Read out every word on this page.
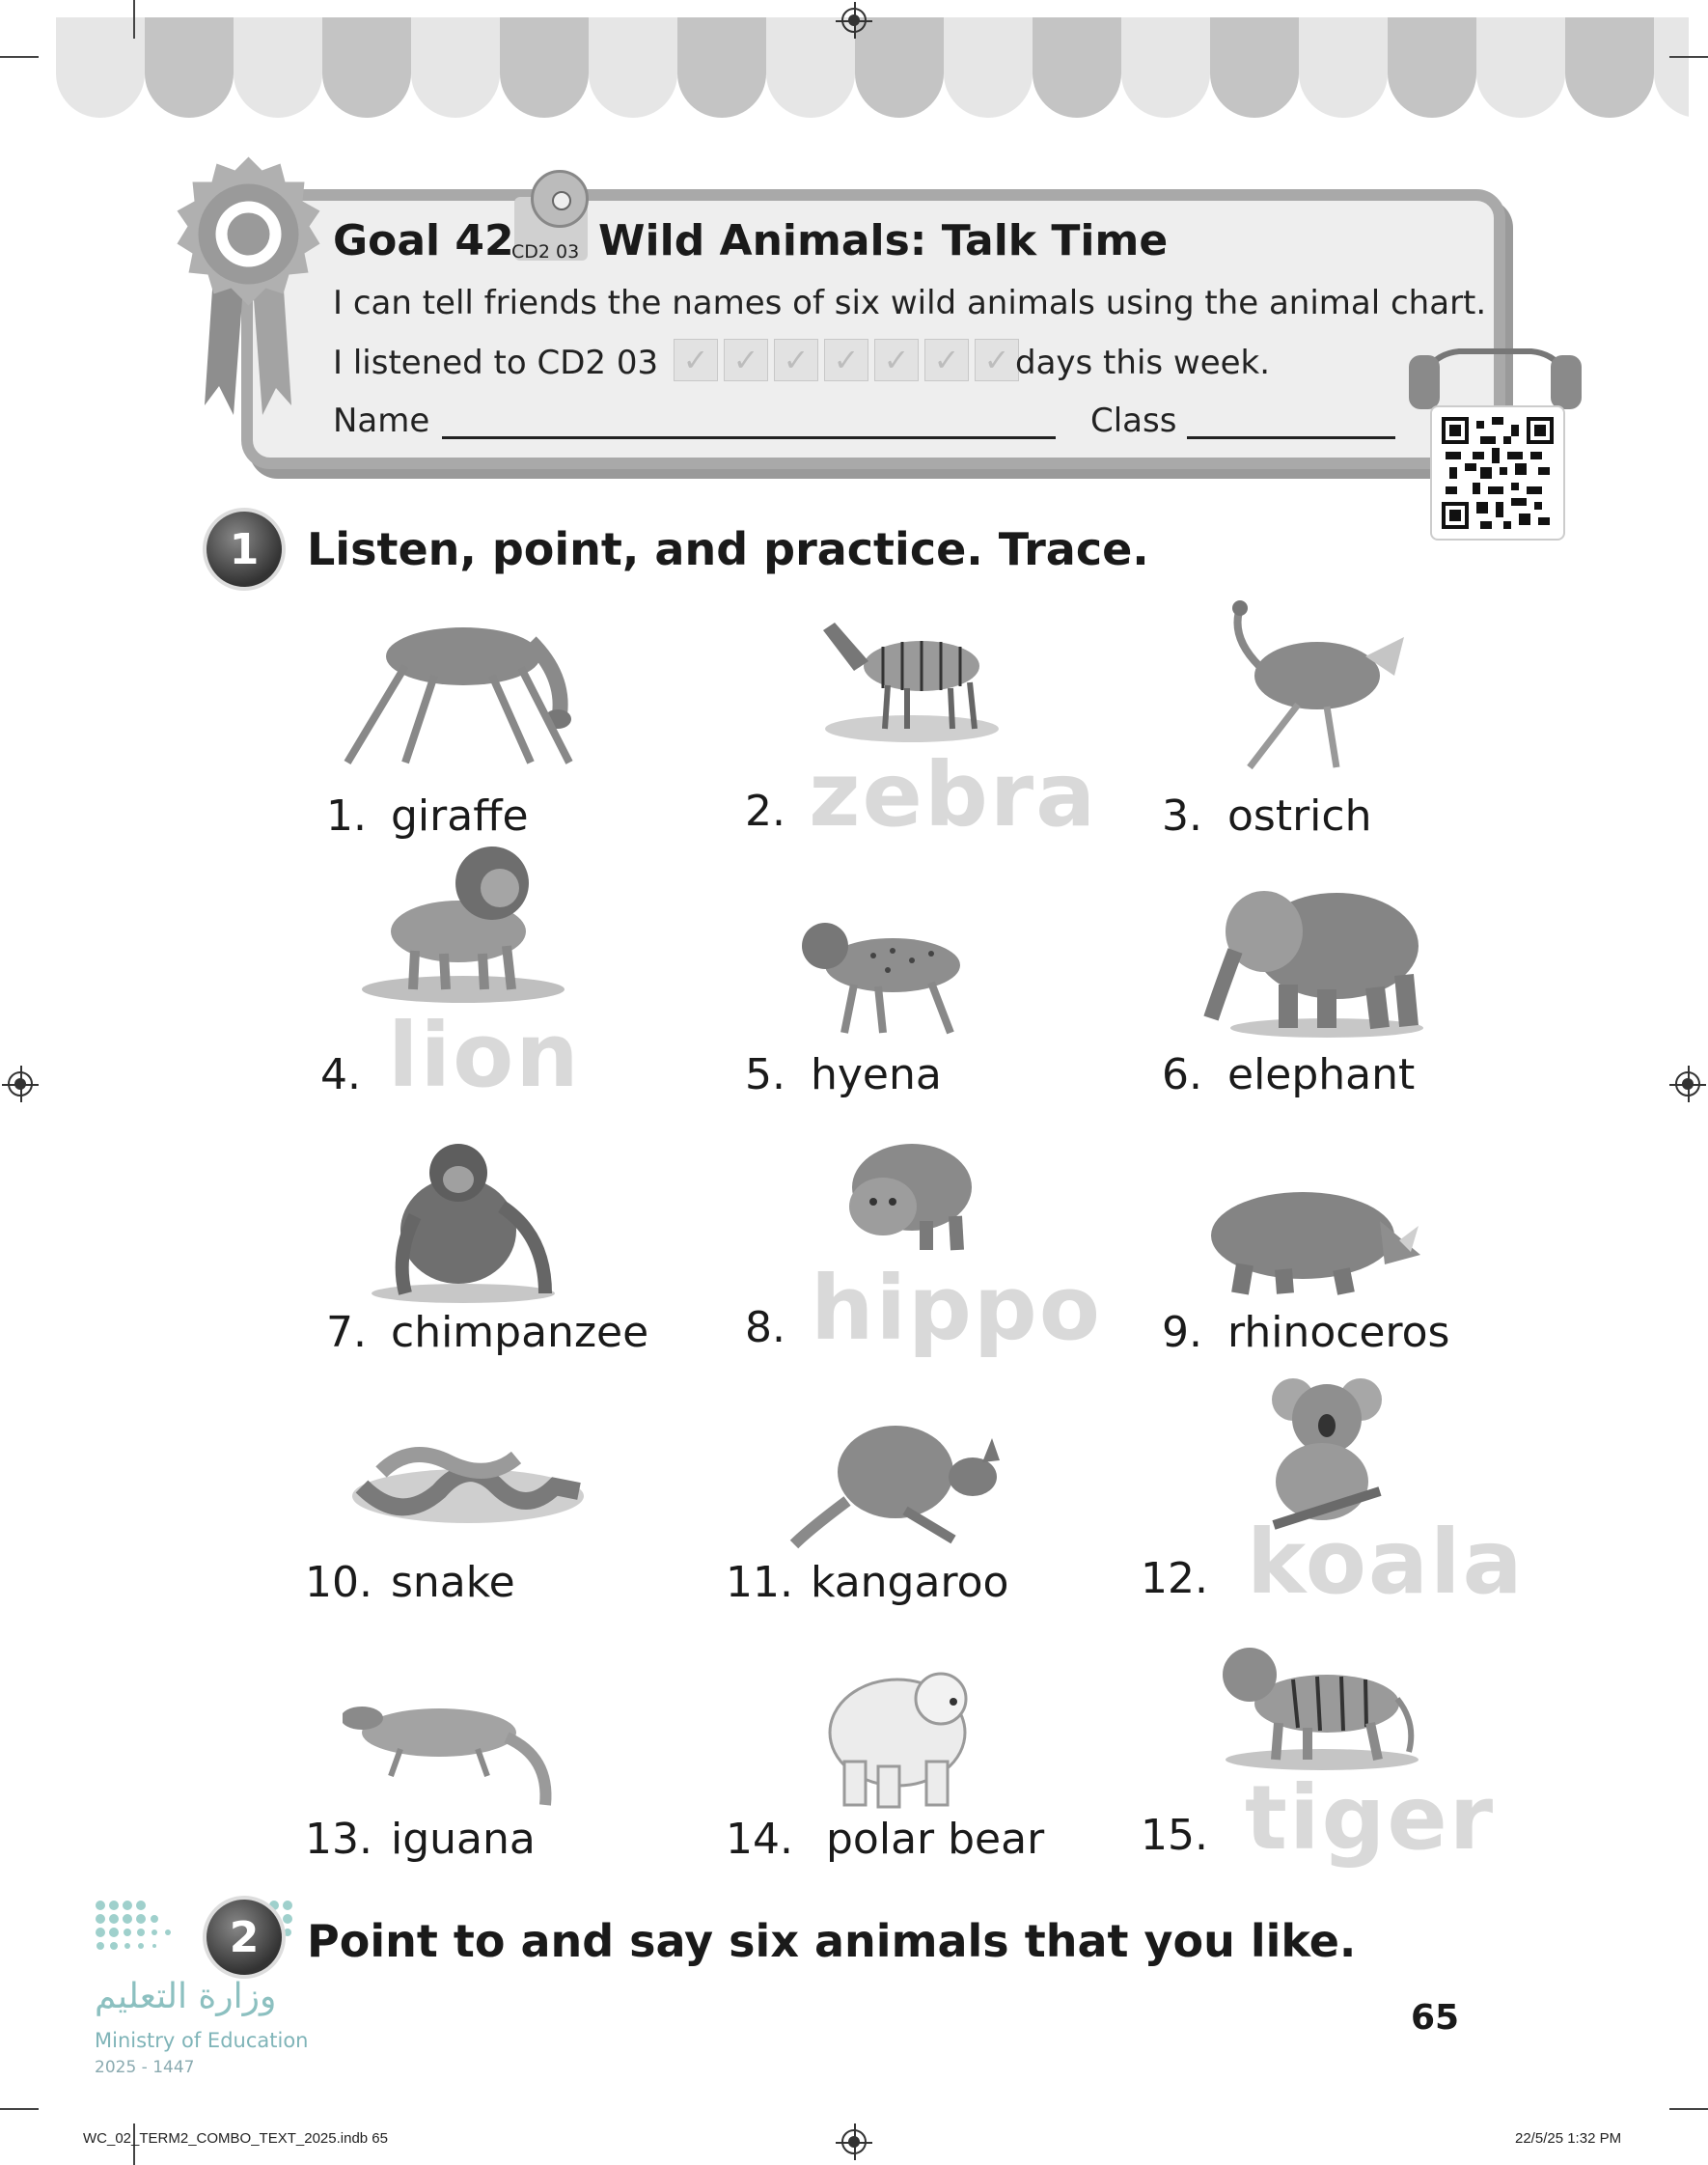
Goal 42
CD2 03 Wild Animals: Talk Time
I can tell friends the names of six wild animals using the animal chart.
I listened to CD2 03 ✓ ✓ ✓ ✓ ✓ ✓ ✓ days this week.
Name	Class
1	Listen, point, and practice. Trace.
1. giraffe	2. zebra 3. ostrich
4. lion	5. hyena	6. elephant
7. chimpanzee 8. hippo 9. rhinoceros
10. snake	11. kangaroo	12. koala
13. iguana	14. polar bear 15. tiger
2	Point to and say six animals that you like.
وزارة التعليم
Ministry of Education
2025 - 1447
65
WC_02_TERM2_COMBO_TEXT_2025.indb 65	22/5/25 1:32 PM
